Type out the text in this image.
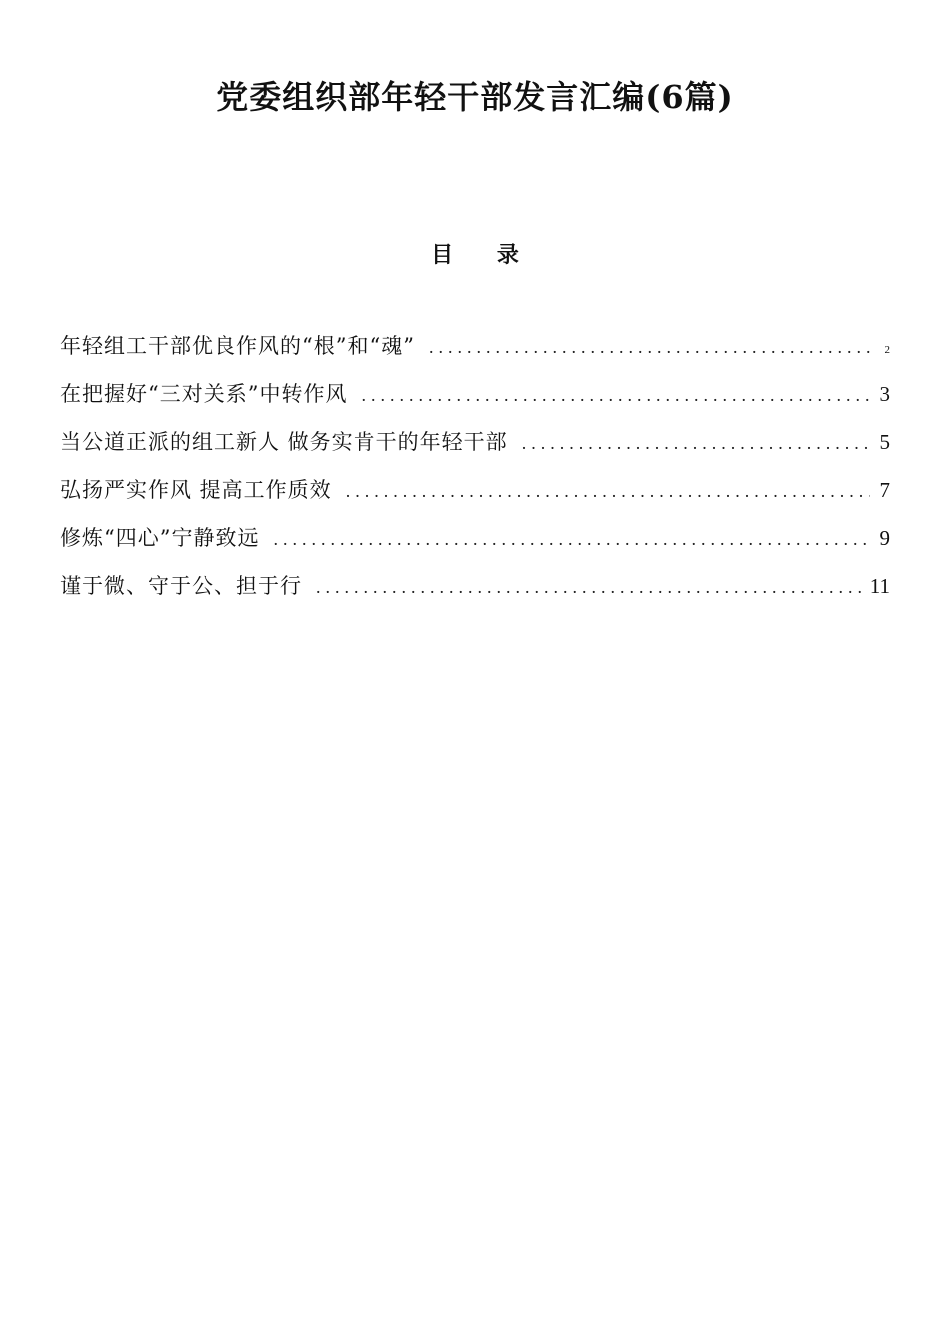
党委组织部年轻干部发言汇编(6篇)
目 录
年轻组工干部优良作风的“根”和“魂” .....	2
在把握好“三对关系”中转作风 .....	3
当公道正派的组工新人 做务实肯干的年轻干部 .....	5
弘扬严实作风 提高工作质效 .....	7
修炼“四心”宁静致远 .....	9
谨于微、守于公、担于行 .....	11
